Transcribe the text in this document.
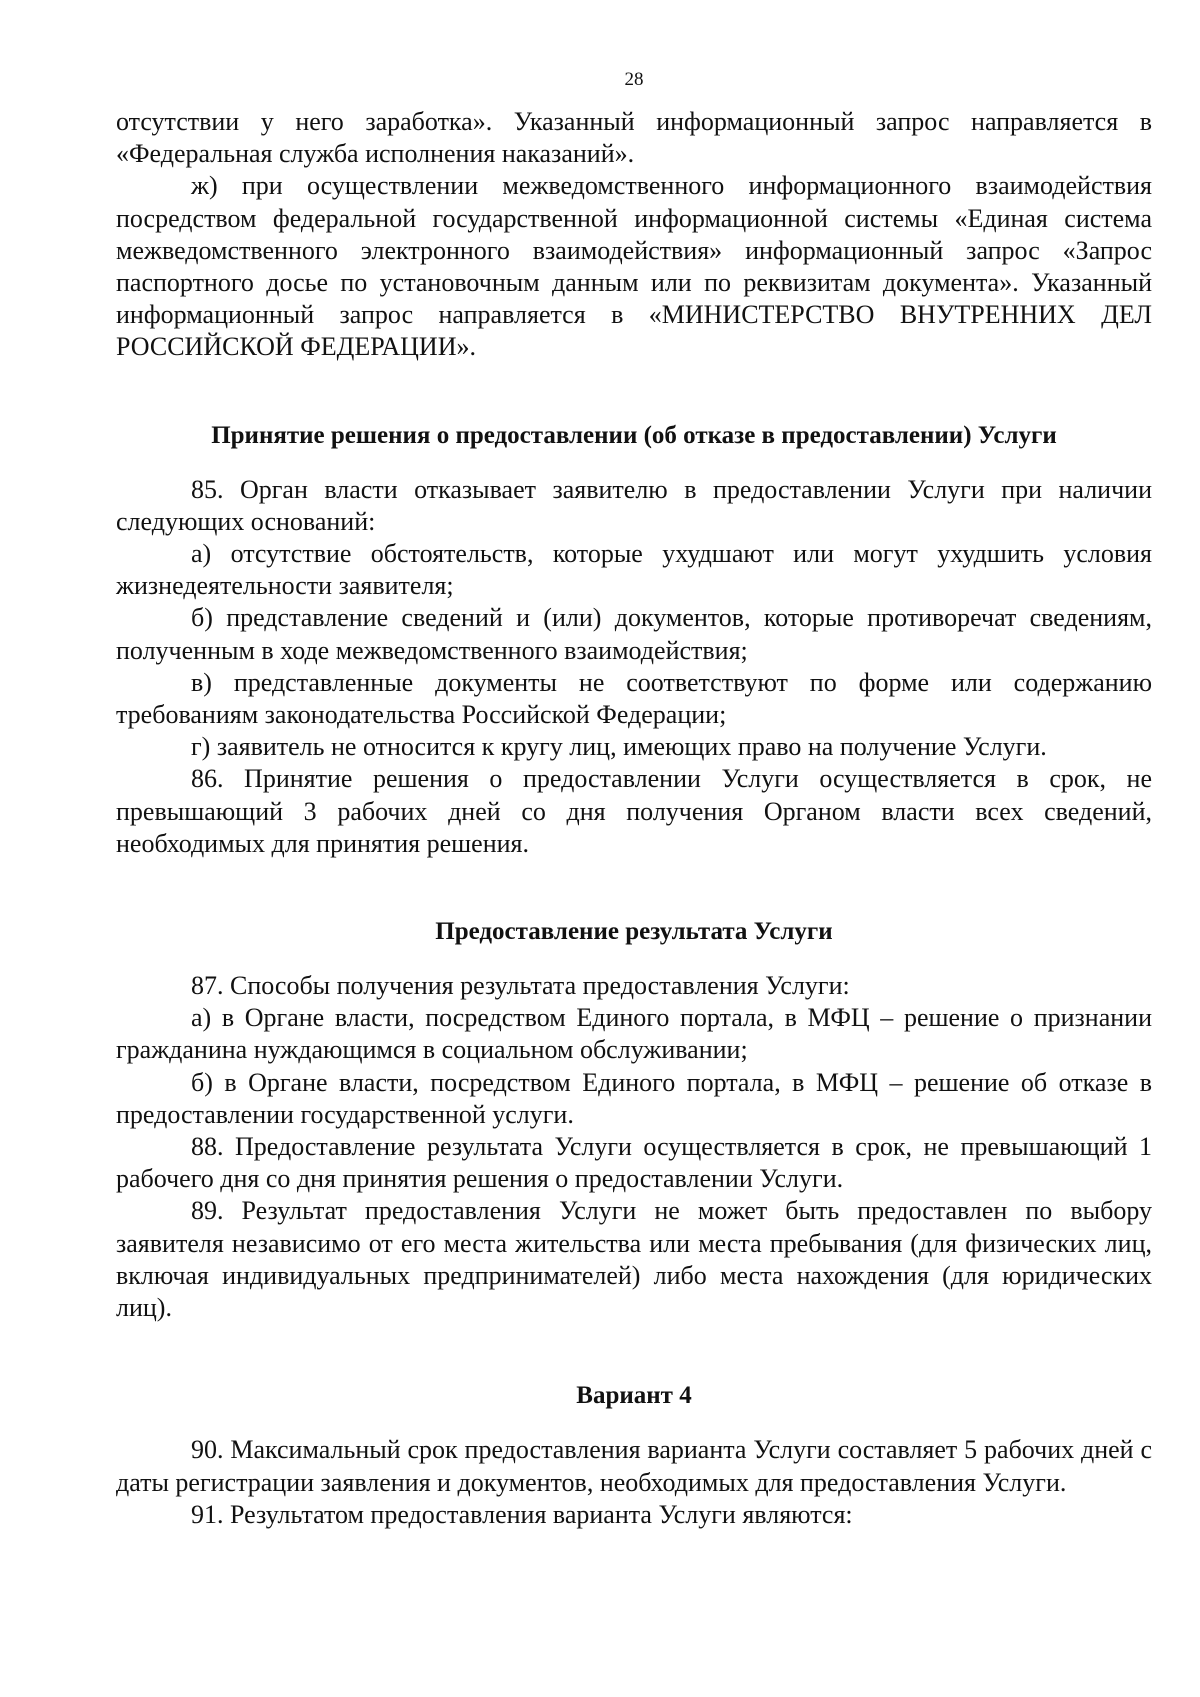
28

отсутствии у него заработка». Указанный информационный запрос направляется в «Федеральная служба исполнения наказаний».

ж) при осуществлении межведомственного информационного взаимодействия посредством федеральной государственной информационной системы «Единая система межведомственного электронного взаимодействия» информационный запрос «Запрос паспортного досье по установочным данным или по реквизитам документа». Указанный информационный запрос направляется в «МИНИСТЕРСТВО ВНУТРЕННИХ ДЕЛ РОССИЙСКОЙ ФЕДЕРАЦИИ».

Принятие решения о предоставлении (об отказе в предоставлении) Услуги

85. Орган власти отказывает заявителю в предоставлении Услуги при наличии следующих оснований:

а) отсутствие обстоятельств, которые ухудшают или могут ухудшить условия жизнедеятельности заявителя;

б) представление сведений и (или) документов, которые противоречат сведениям, полученным в ходе межведомственного взаимодействия;

в) представленные документы не соответствуют по форме или содержанию требованиям законодательства Российской Федерации;

г) заявитель не относится к кругу лиц, имеющих право на получение Услуги.

86. Принятие решения о предоставлении Услуги осуществляется в срок, не превышающий 3 рабочих дней со дня получения Органом власти всех сведений, необходимых для принятия решения.

Предоставление результата Услуги

87. Способы получения результата предоставления Услуги:

а) в Органе власти, посредством Единого портала, в МФЦ – решение о признании гражданина нуждающимся в социальном обслуживании;

б) в Органе власти, посредством Единого портала, в МФЦ – решение об отказе в предоставлении государственной услуги.

88. Предоставление результата Услуги осуществляется в срок, не превышающий 1 рабочего дня со дня принятия решения о предоставлении Услуги.

89. Результат предоставления Услуги не может быть предоставлен по выбору заявителя независимо от его места жительства или места пребывания (для физических лиц, включая индивидуальных предпринимателей) либо места нахождения (для юридических лиц).

Вариант 4

90. Максимальный срок предоставления варианта Услуги составляет 5 рабочих дней с даты регистрации заявления и документов, необходимых для предоставления Услуги.

91. Результатом предоставления варианта Услуги являются:
